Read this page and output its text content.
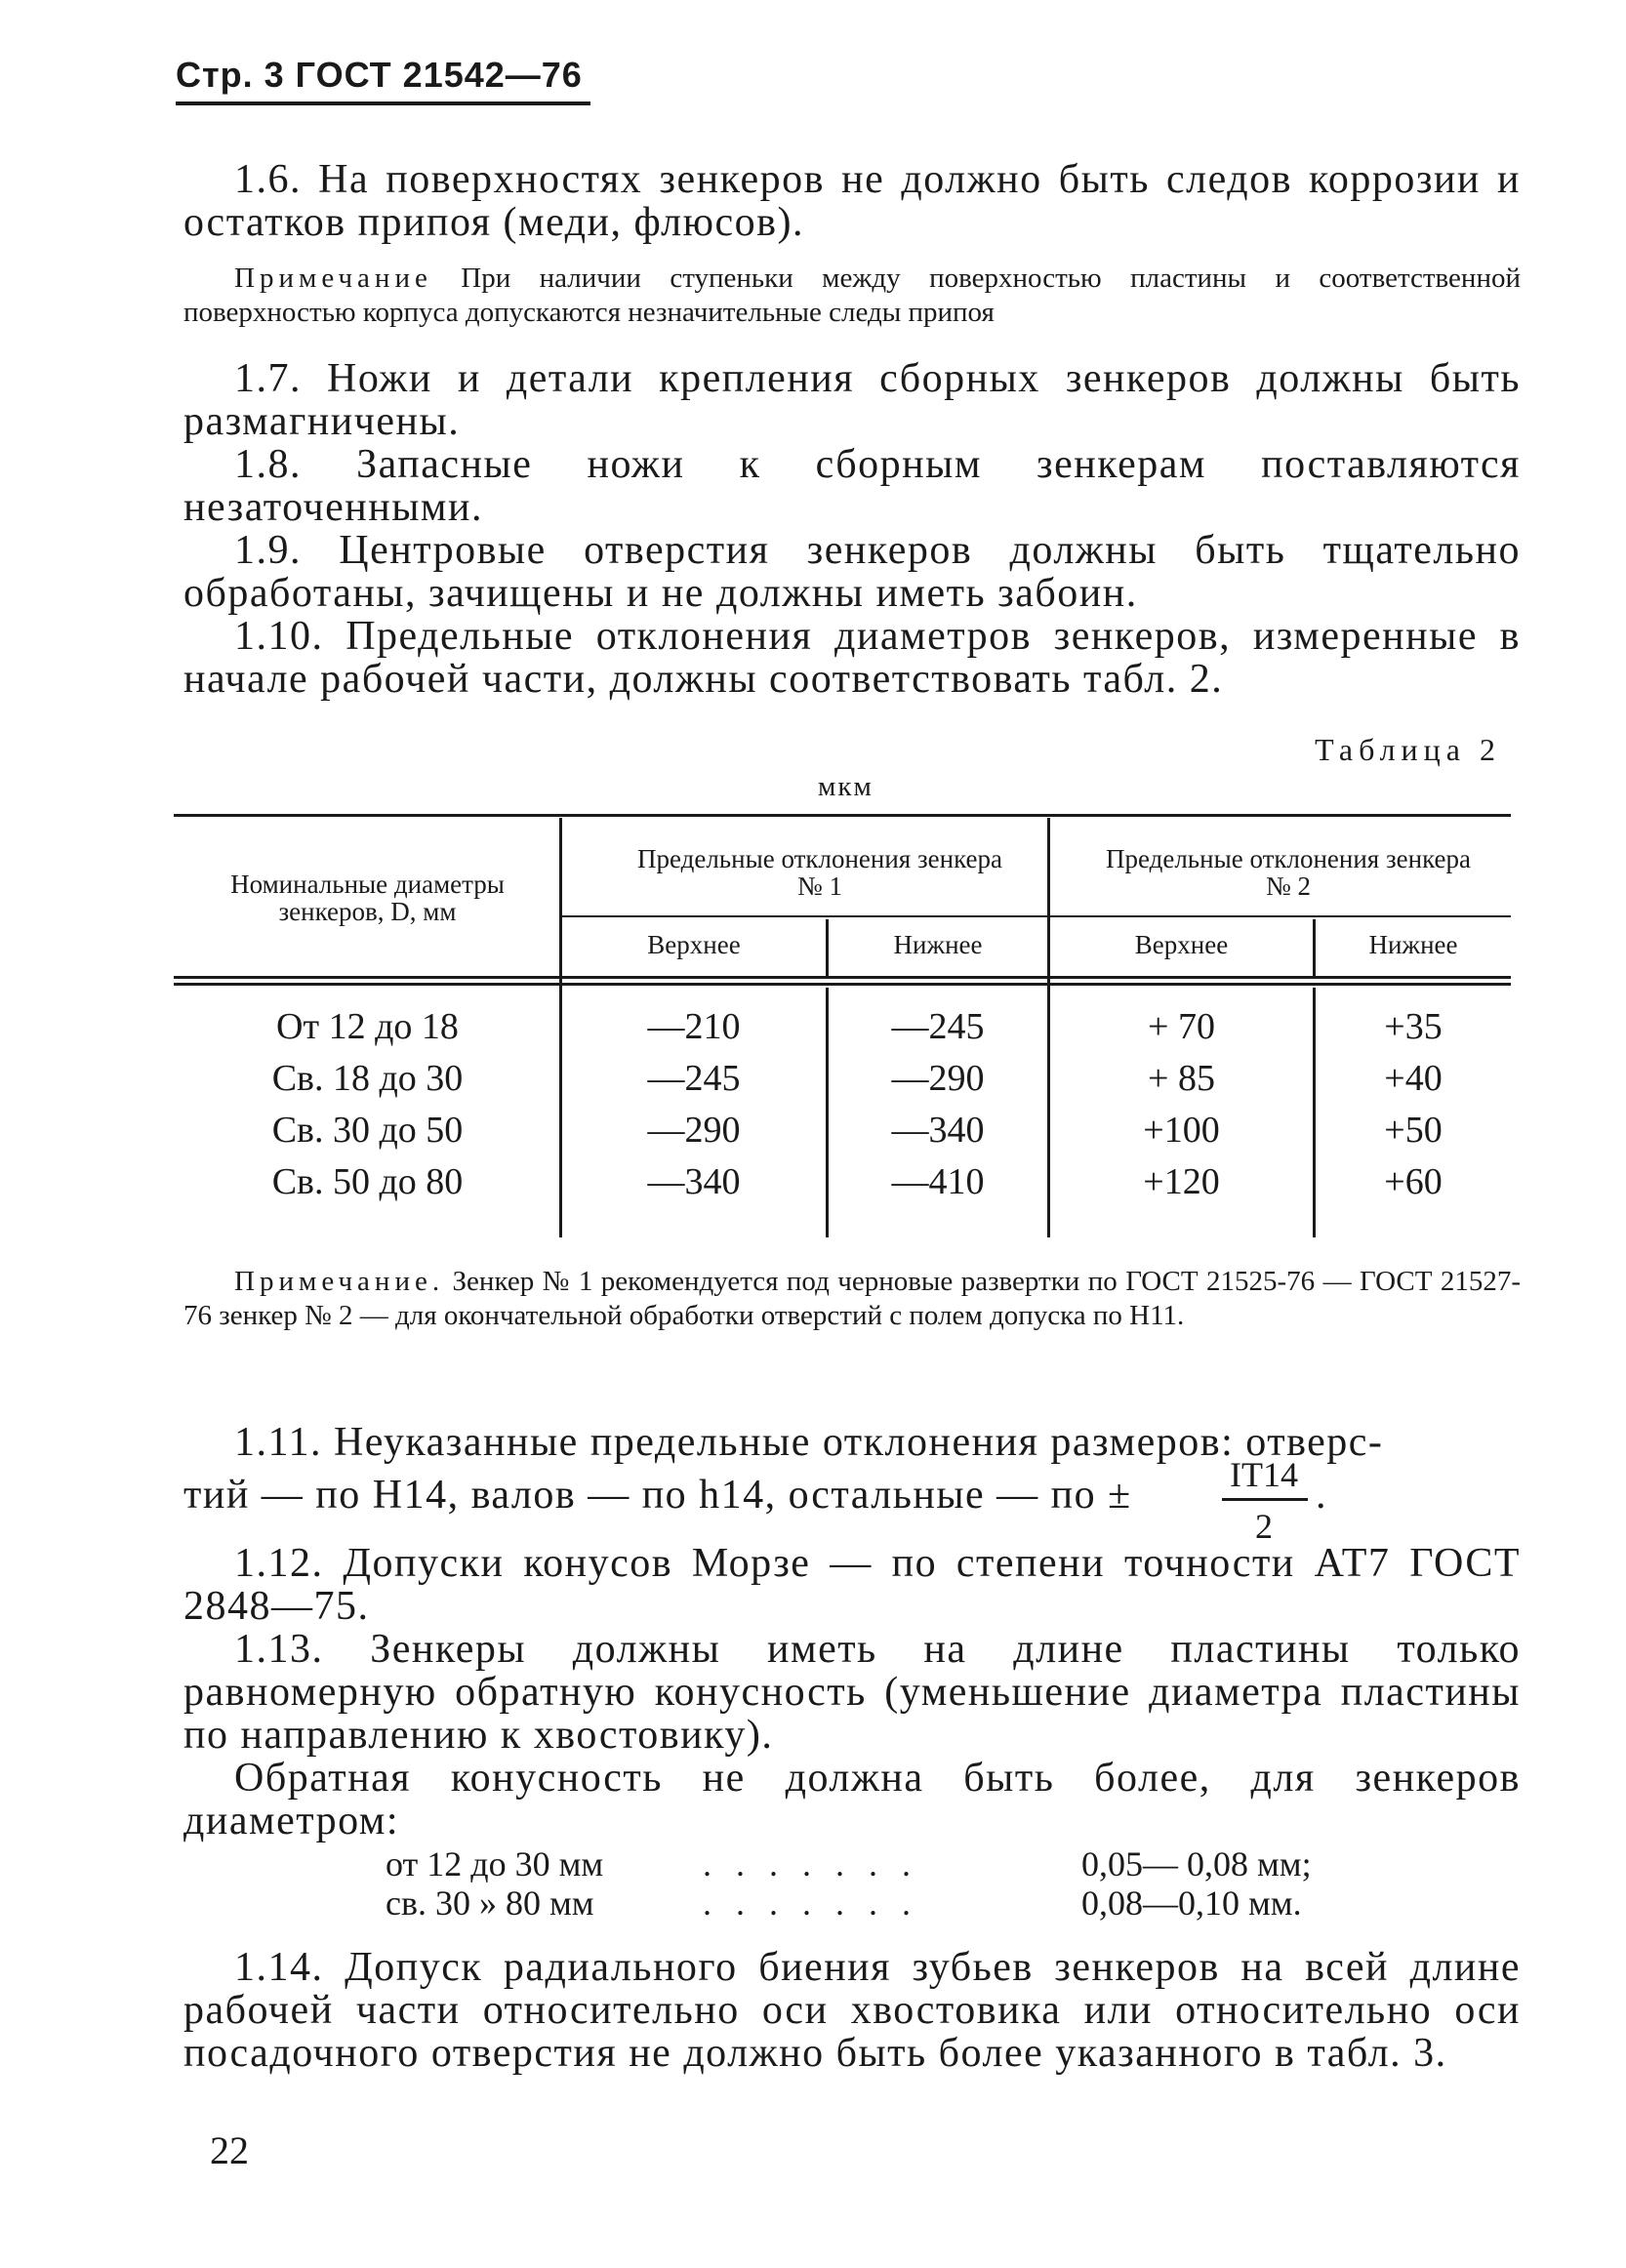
Стр. 3 ГОСТ 21542—76
1.6. На поверхностях зенкеров не должно быть следов коррозии и остатков припоя (меди, флюсов).
Примечание При наличии ступеньки между поверхностью пластины и соответственной поверхностью корпуса допускаются незначительные следы припоя
1.7. Ножи и детали крепления сборных зенкеров должны быть размагничены.
1.8. Запасные ножи к сборным зенкерам поставляются незаточенными.
1.9. Центровые отверстия зенкеров должны быть тщательно обработаны, зачищены и не должны иметь забоин.
1.10. Предельные отклонения диаметров зенкеров, измеренные в начале рабочей части, должны соответствовать табл. 2.
Таблица 2
мкм
Номинальные диаметры зенкеров, D, мм
Предельные отклонения зенкера № 1
Предельные отклонения зенкера № 2
Верхнее	Нижнее	Верхнее	Нижнее
От 12 до 18	—210	—245	+ 70	+35
Св. 18 до 30	—245	—290	+ 85	+40
Св. 30 до 50	—290	—340	+100	+50
Св. 50 до 80	—340	—410	+120	+60
Примечание. Зенкер № 1 рекомендуется под черновые развертки по ГОСТ 21525-76 — ГОСТ 21527-76 зенкер № 2 — для окончательной обработки отверстий с полем допуска по Н11.
1.11. Неуказанные предельные отклонения размеров: отверс-
тий — по Н14, валов — по h14, остальные — по ±	IT14
2
.
1.12. Допуски конусов Морзе — по степени точности АТ7 ГОСТ 2848—75.
1.13. Зенкеры должны иметь на длине пластины только равномерную обратную конусность (уменьшение диаметра пластины по направлению к хвостовику).
Обратная конусность не должна быть более, для зенкеров диаметром:
от 12 до 30 мм	. . . . . . .	0,05— 0,08 мм;
св. 30 » 80 мм	. . . . . . .	0,08—0,10 мм.
1.14. Допуск радиального биения зубьев зенкеров на всей длине рабочей части относительно оси хвостовика или относительно оси посадочного отверстия не должно быть более указанного в табл. 3.
22
